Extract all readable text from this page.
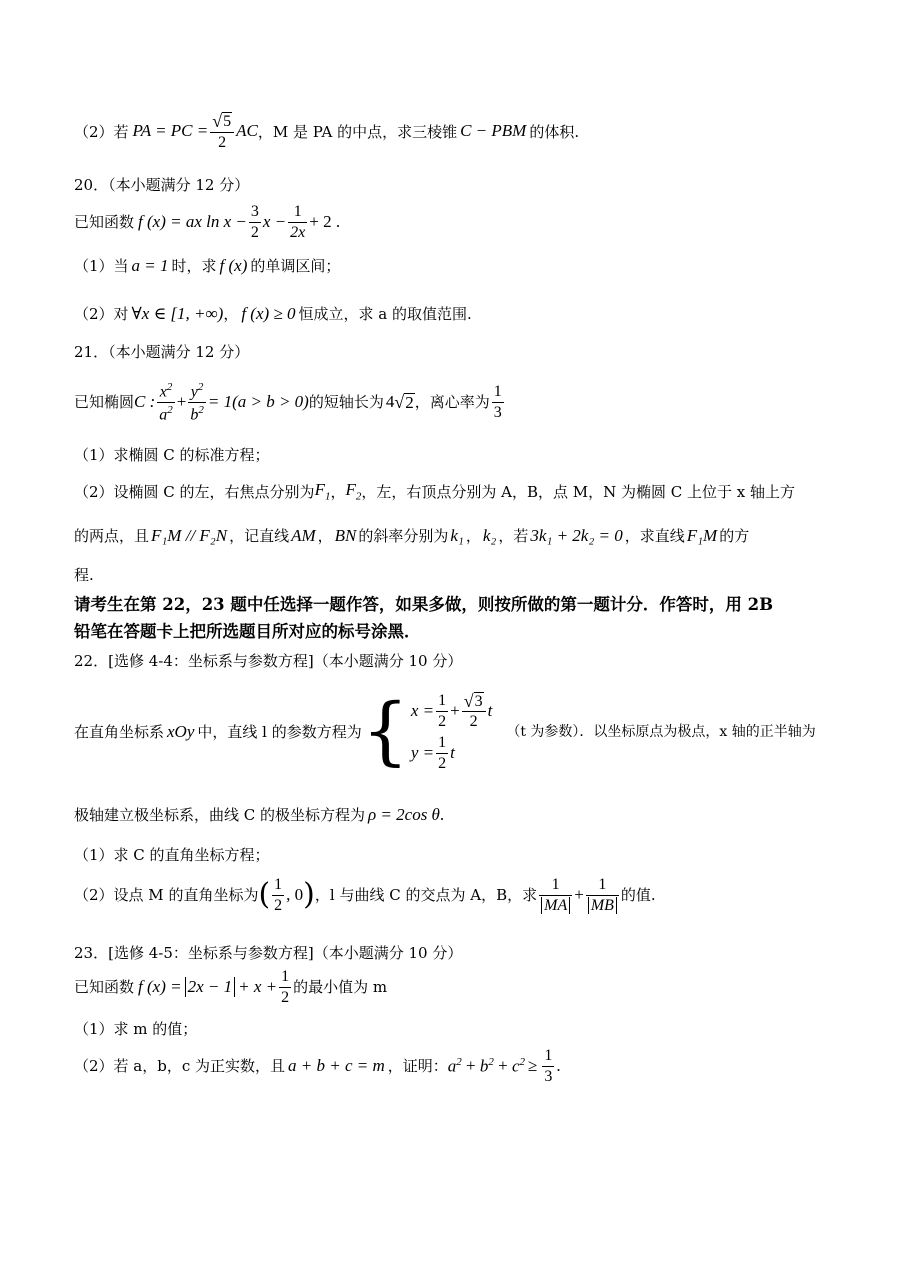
（2）若 PA = PC = $\frac{√ 5}{2}$ AC ，M 是 PA 的中点，求三棱锥 C − PBM 的体积.
20．（本小题满分 12 分）
已知函数 f (x) = ax $\ln x - \frac{3}{2}$ $x - \frac{1}{2x} + 2$ .
（1）当 a = 1 时，求 f (x) 的单调区间；
（2）对 ∀x ∈ [1, +∞) ， f (x) ≥ 0 恒成立，求 a 的取值范围.
21．（本小题满分 12 分）
已知椭圆 C : $\frac{x^2}{a^2} + \frac{y^2}{b^2} = 1(a > b > 0)$ 的短轴长为 4 √ 2 ，离心率为 $\frac{1}{3}$
（1）求椭圆 C 的标准方程；
（2）设椭圆 C 的左，右焦点分别为 $F_1$ ， $F_2$ ，左，右顶点分别为 A，B，点 M，N 为椭圆 C 上位于 x 轴上方
的两点，且 F₁M // F₂N ，记直线 AM ， BN 的斜率分别为 k₁ ， k₂ ，若 3k₁ + 2k₂ = 0 ，求直线 F₁M 的方
程.
请考生在第 22，23 题中任选择一题作答，如果多做，则按所做的第一题计分．作答时，用 2B
铅笔在答题卡上把所选题目所对应的标号涂黑．
22．[选修 4-4：坐标系与参数方程]（本小题满分 10 分）
在直角坐标系 xOy 中，直线 l 的参数方程为 { $x = \frac{1}{2} + \frac{√ 3}{2}$ t
$y = \frac{1}{2}$ t
（t 为参数）．以坐标原点为极点，x 轴的正半轴为
极轴建立极坐标系，曲线 C 的极坐标方程为 ρ = 2cos θ .
（1）求 C 的直角坐标方程；
（2）设点 M 的直角坐标为 ( $\frac{1}{2}$ , 0 ) ，l 与曲线 C 的交点为 A，B，求 $\frac{1}{MA} + \frac{1}{MB}$ 的值.
23．[选修 4-5：坐标系与参数方程]（本小题满分 10 分）
已知函数 f $(x) = 2x - 1 + x + \frac{1}{2}$ 的最小值为 m
（1）求 m 的值；
（2）若 a，b，c 为正实数，且 a + b + c = m ，证明： $a^2 + b^2 + c^2 \ge \frac{1}{3}$ .
